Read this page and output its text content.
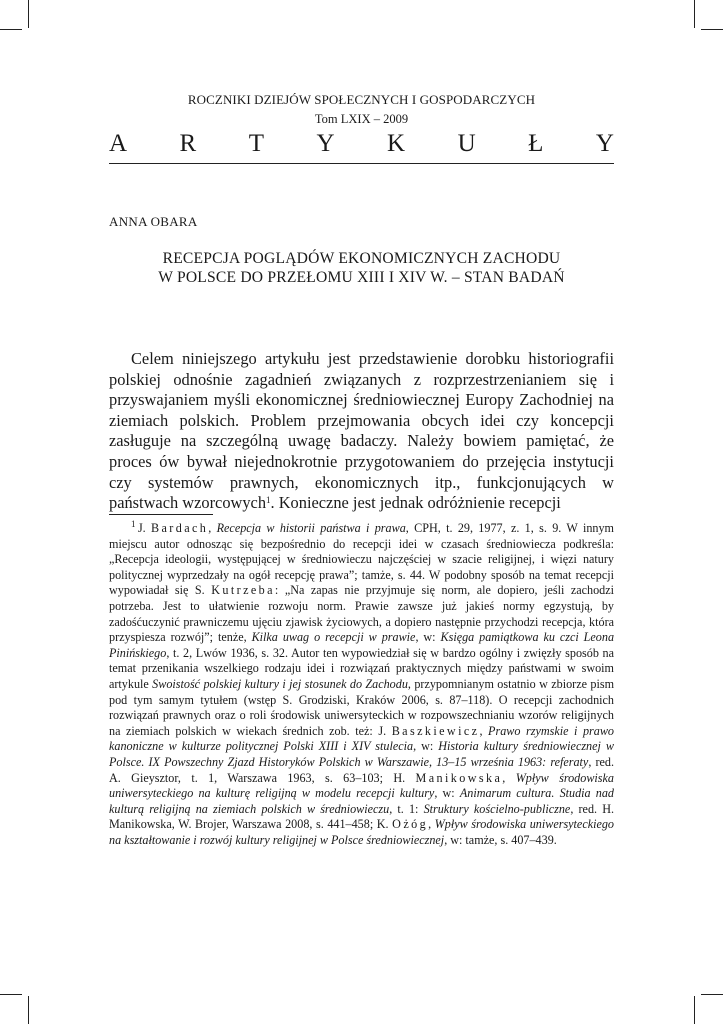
ROCZNIKI DZIEJÓW SPOŁECZNYCH I GOSPODARCZYCH
Tom LXIX – 2009
A R T Y K U Ł Y
ANNA OBARA
RECEPCJA POGLĄDÓW EKONOMICZNYCH ZACHODU
W POLSCE DO PRZEŁOMU XIII I XIV W. – STAN BADAŃ

Celem niniejszego artykułu jest przedstawienie dorobku historiografii polskiej odnośnie zagadnień związanych z rozprzestrzenianiem się i przyswajaniem myśli ekonomicznej średniowiecznej Europy Zachodniej na ziemiach polskich. Problem przejmowania obcych idei czy koncepcji zasługuje na szczególną uwagę badaczy. Należy bowiem pamiętać, że proces ów bywał niejednokrotnie przygotowaniem do przejęcia instytucji czy systemów prawnych, ekonomicznych itp., funkcjonujących w państwach wzorcowych$^1$. Konieczne jest jednak odróżnienie recepcji

$^1$  J. Bardach, Recepcja w historii państwa i prawa, CPH, t. 29, 1977, z. 1, s. 9. W innym miejscu autor odnosząc się bezpośrednio do recepcji idei w czasach średniowiecza podkreśla: „Recepcja ideologii, występującej w średniowieczu najczęściej w szacie religijnej, i więzi natury politycznej wyprzedzały na ogół recepcję prawa”; tamże, s. 44. W podobny sposób na temat recepcji wypowiadał się S. Kutrzeba: „Na zapas nie przyjmuje się norm, ale dopiero, jeśli zachodzi potrzeba. Jest to ułatwienie rozwoju norm. Prawie zawsze już jakieś normy egzystują, by zadośćuczynić prawniczemu ujęciu zjawisk życiowych, a dopiero następnie przychodzi recepcja, która przyspiesza rozwój”; tenże, Kilka uwag o recepcji w prawie, w: Księga pamiątkowa ku czci Leona Pinińskiego, t. 2, Lwów 1936, s. 32. Autor ten wypowiedział się w bardzo ogólny i zwięzły sposób na temat przenikania wszelkiego rodzaju idei i rozwiązań praktycznych między państwami w swoim artykule Swoistość polskiej kultury i jej stosunek do Zachodu, przypomnianym ostatnio w zbiorze pism pod tym samym tytułem (wstęp S. Grodziski, Kraków 2006, s. 87–118). O recepcji zachodnich rozwiązań prawnych oraz o roli środowisk uniwersyteckich w rozpowszechnianiu wzorów religijnych na ziemiach polskich w wiekach średnich zob. też: J. Baszkiewicz, Prawo rzymskie i prawo kanoniczne w kulturze politycznej Polski XIII i XIV stulecia, w: Historia kultury średniowiecznej w Polsce. IX Powszechny Zjazd Historyków Polskich w Warszawie, 13–15 września 1963: referaty, red. A. Gieysztor, t. 1, Warszawa 1963, s. 63–103; H. Manikowska, Wpływ środowiska uniwersyteckiego na kulturę religijną w modelu recepcji kultury, w: Animarum cultura. Studia nad kulturą religijną na ziemiach polskich w średniowieczu, t. 1: Struktury kościelno-publiczne, red. H. Manikowska, W. Brojer, Warszawa 2008, s. 441–458; K. Ożóg, Wpływ środowiska uniwersyteckiego na kształtowanie i rozwój kultury religijnej w Polsce średniowiecznej, w: tamże, s. 407–439.
